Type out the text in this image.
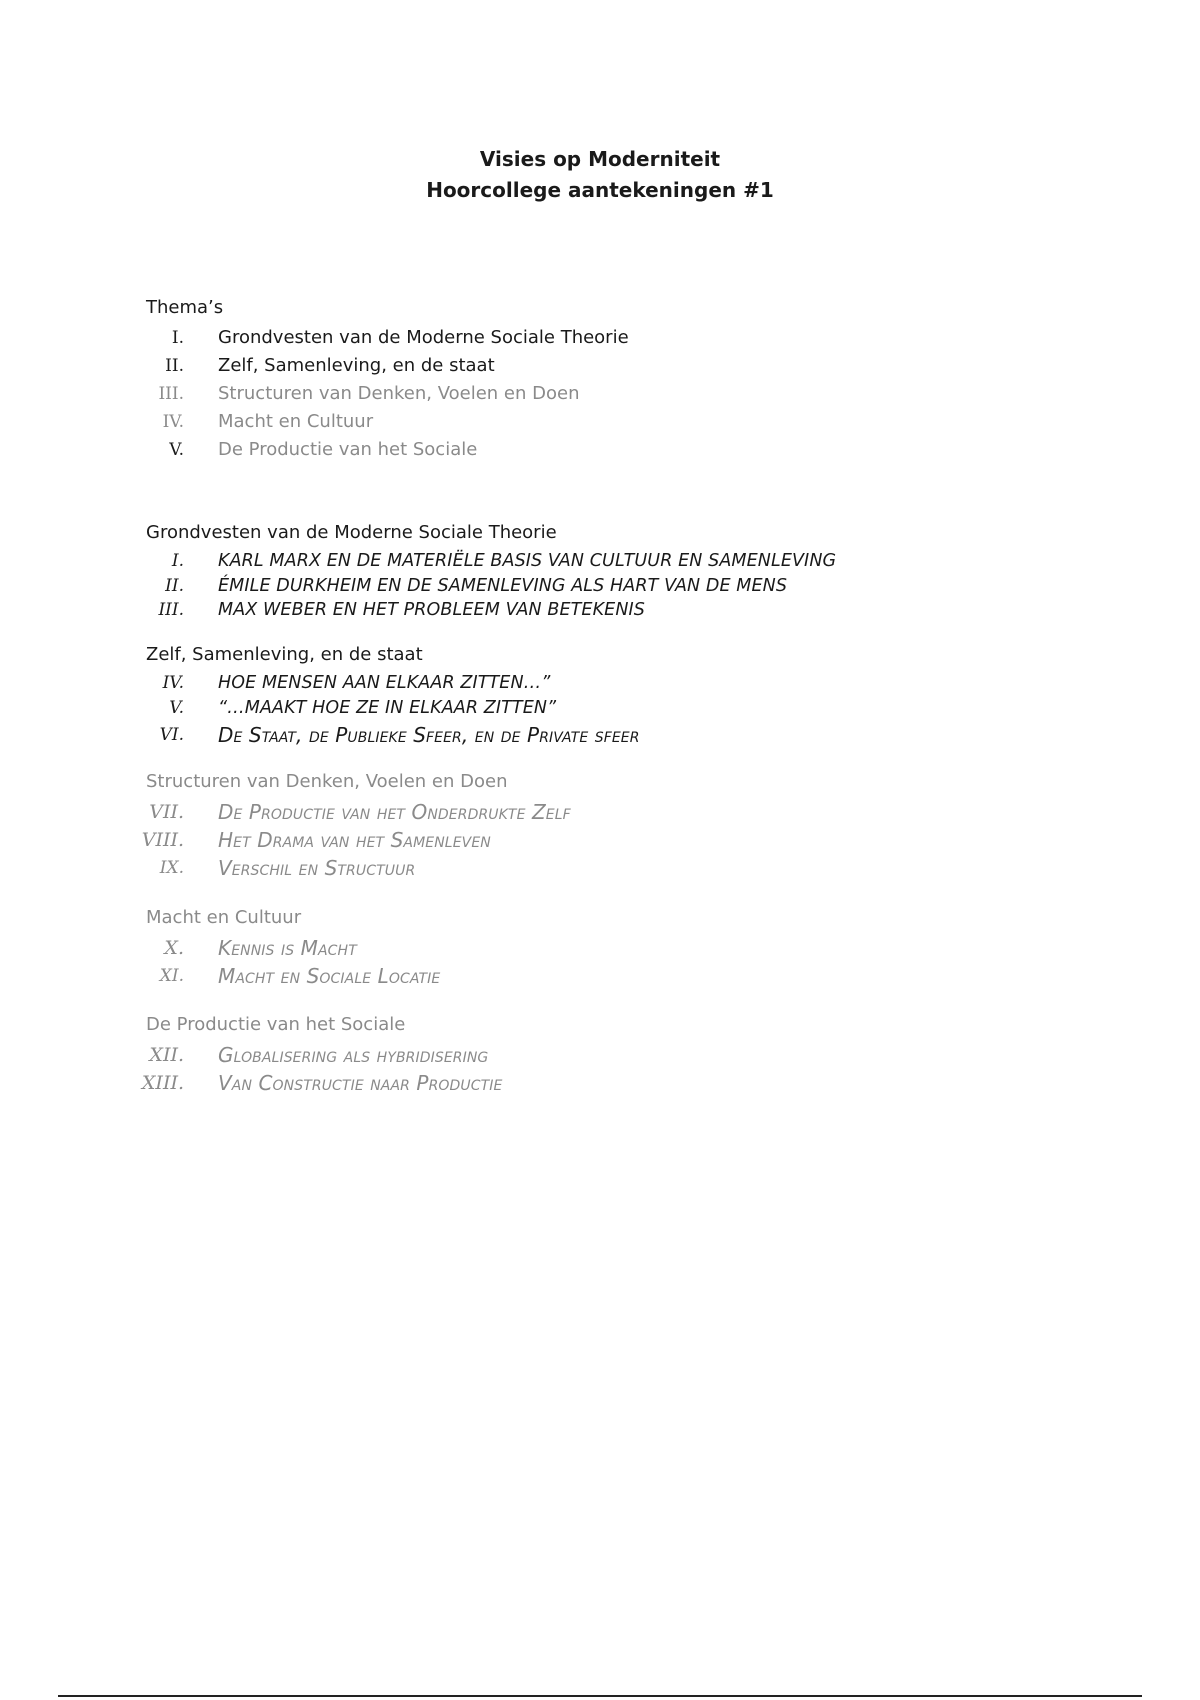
Visies op Moderniteit
Hoorcollege aantekeningen #1
Thema’s
I. Grondvesten van de Moderne Sociale Theorie
II. Zelf, Samenleving, en de staat
III. Structuren van Denken, Voelen en Doen
IV. Macht en Cultuur
V. De Productie van het Sociale
Grondvesten van de Moderne Sociale Theorie
I. KARL MARX EN DE MATERIËLE BASIS VAN CULTUUR EN SAMENLEVING
II. ÉMILE DURKHEIM EN DE SAMENLEVING ALS HART VAN DE MENS
III. MAX WEBER EN HET PROBLEEM VAN BETEKENIS
Zelf, Samenleving, en de staat
IV. HOE MENSEN AAN ELKAAR ZITTEN…”
V. “…MAAKT HOE ZE IN ELKAAR ZITTEN”
VI. De Staat, de Publieke Sfeer, en de Private sfeer
Structuren van Denken, Voelen en Doen
VII. De Productie van het Onderdrukte Zelf
VIII. Het Drama van het Samenleven
IX. Verschil en Structuur
Macht en Cultuur
X. Kennis is Macht
XI. Macht en Sociale Locatie
De Productie van het Sociale
XII. Globalisering als hybridisering
XIII. Van Constructie naar Productie
